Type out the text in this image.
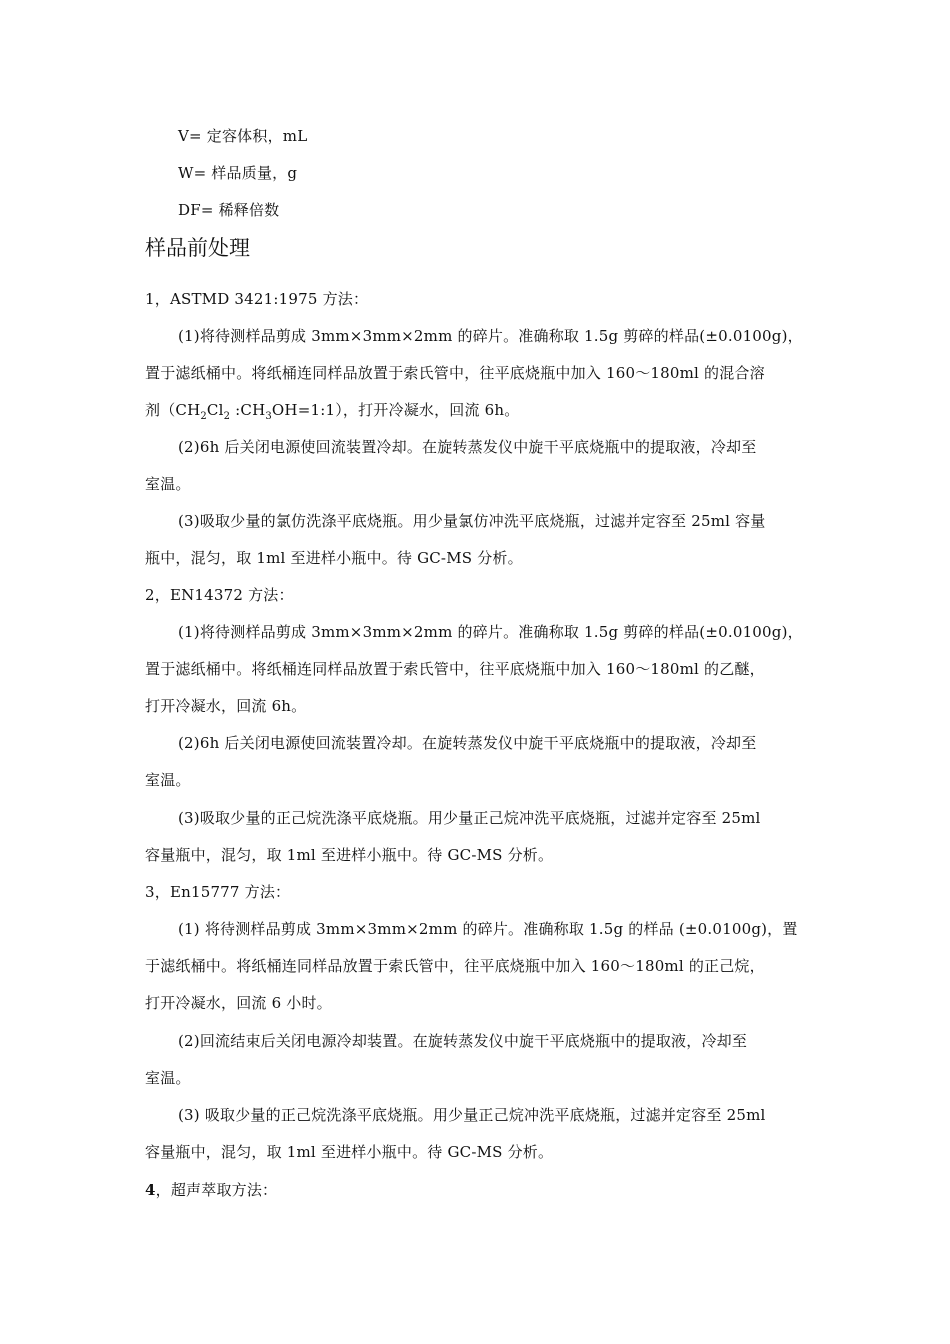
V= 定容体积，mL
W= 样品质量，g
DF= 稀释倍数
样品前处理
1，ASTMD 3421:1975 方法：
(1)将待测样品剪成 3mm×3mm×2mm 的碎片。准确称取 1.5g 剪碎的样品(±0.0100g)，
置于滤纸桶中。将纸桶连同样品放置于索氏管中，往平底烧瓶中加入 160～180ml 的混合溶
剂（$CH_2Cl_2$ $:CH_3OH=1:1$），打开冷凝水，回流 6h。
(2)6h 后关闭电源使回流装置冷却。在旋转蒸发仪中旋干平底烧瓶中的提取液，冷却至
室温。
(3)吸取少量的氯仿洗涤平底烧瓶。用少量氯仿冲洗平底烧瓶，过滤并定容至 25ml 容量
瓶中，混匀，取 1ml 至进样小瓶中。待 GC-MS 分析。
2，EN14372 方法：
(1)将待测样品剪成 3mm×3mm×2mm 的碎片。准确称取 1.5g 剪碎的样品(±0.0100g)，
置于滤纸桶中。将纸桶连同样品放置于索氏管中，往平底烧瓶中加入 160～180ml 的乙醚，
打开冷凝水，回流 6h。
(2)6h 后关闭电源使回流装置冷却。在旋转蒸发仪中旋干平底烧瓶中的提取液，冷却至
室温。
(3)吸取少量的正己烷洗涤平底烧瓶。用少量正己烷冲洗平底烧瓶，过滤并定容至 25ml
容量瓶中，混匀，取 1ml 至进样小瓶中。待 GC-MS 分析。
3，En15777 方法：
(1) 将待测样品剪成 3mm×3mm×2mm 的碎片。准确称取 1.5g 的样品 (±0.0100g)，置
于滤纸桶中。将纸桶连同样品放置于索氏管中，往平底烧瓶中加入 160～180ml 的正己烷，
打开冷凝水，回流 6 小时。
(2)回流结束后关闭电源冷却装置。在旋转蒸发仪中旋干平底烧瓶中的提取液，冷却至
室温。
(3) 吸取少量的正己烷洗涤平底烧瓶。用少量正己烷冲洗平底烧瓶，过滤并定容至 25ml
容量瓶中，混匀，取 1ml 至进样小瓶中。待 GC-MS 分析。
4，超声萃取方法：
